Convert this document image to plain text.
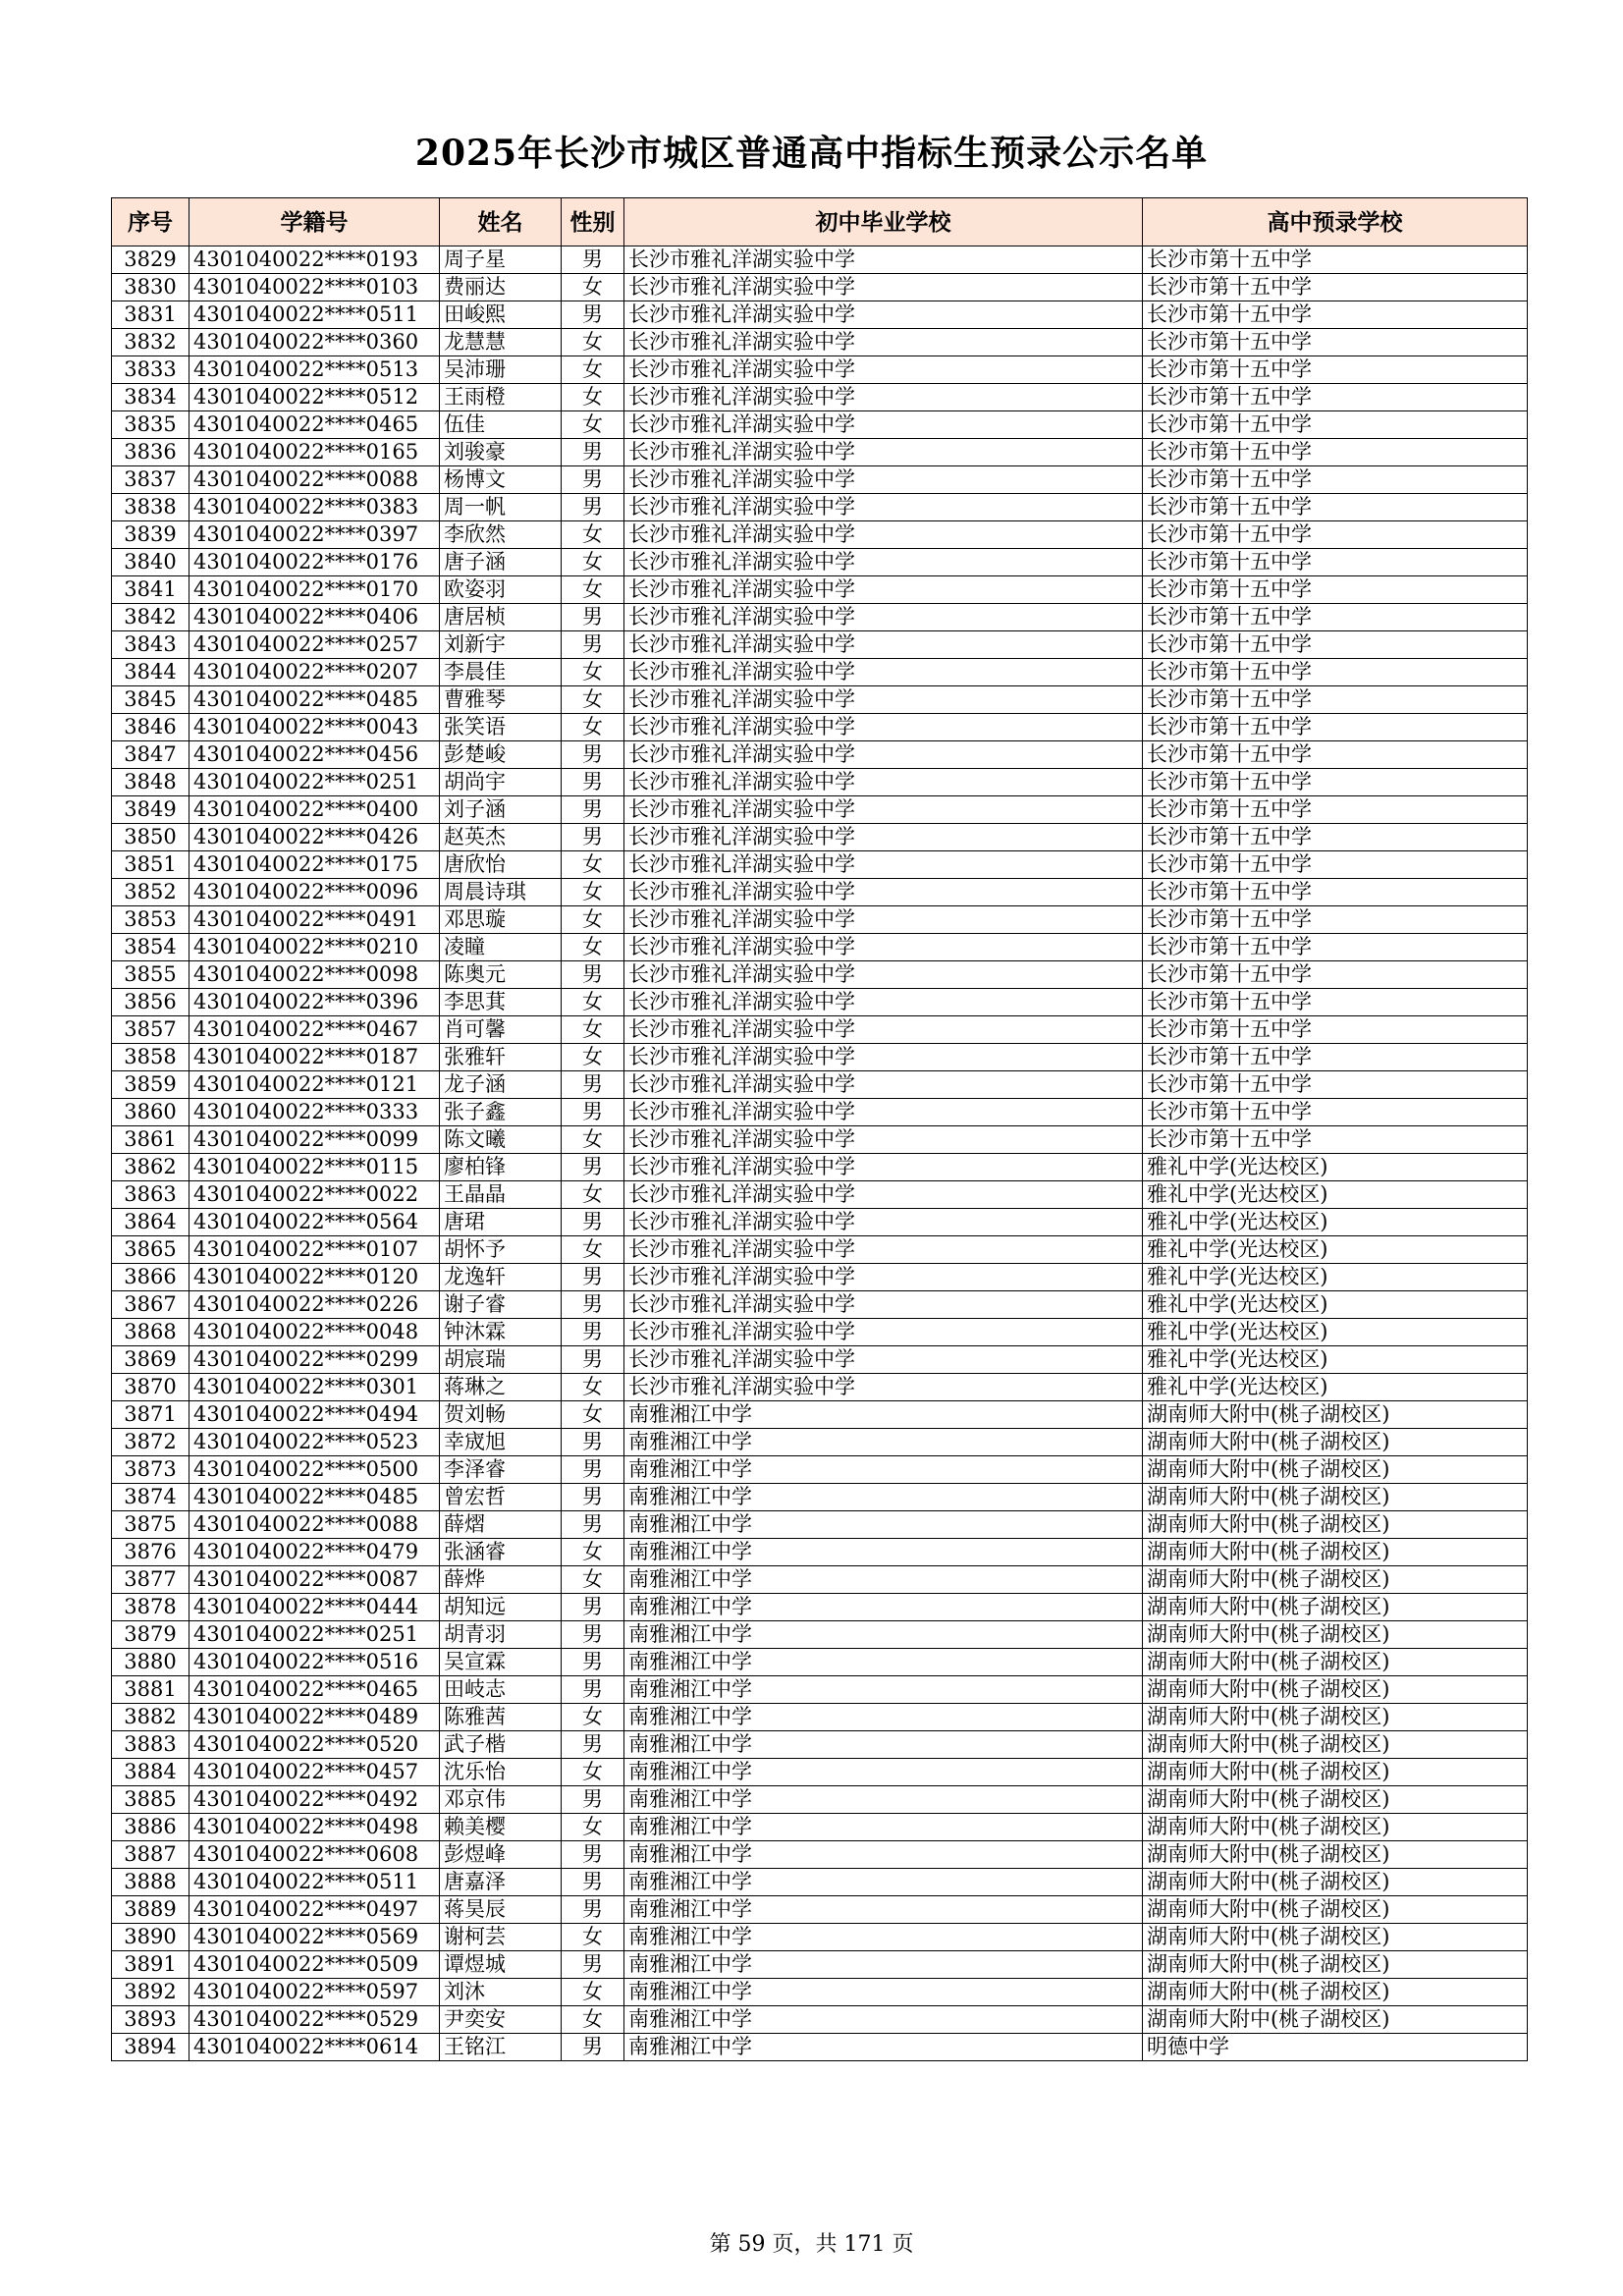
2025年长沙市城区普通高中指标生预录公示名单
序号	学籍号	姓名	性别	初中毕业学校	高中预录学校
3829	4301040022****0193	周子星	男	长沙市雅礼洋湖实验中学	长沙市第十五中学
3830	4301040022****0103	费丽达	女	长沙市雅礼洋湖实验中学	长沙市第十五中学
3831	4301040022****0511	田峻熙	男	长沙市雅礼洋湖实验中学	长沙市第十五中学
3832	4301040022****0360	龙慧慧	女	长沙市雅礼洋湖实验中学	长沙市第十五中学
3833	4301040022****0513	吴沛珊	女	长沙市雅礼洋湖实验中学	长沙市第十五中学
3834	4301040022****0512	王雨橙	女	长沙市雅礼洋湖实验中学	长沙市第十五中学
3835	4301040022****0465	伍佳	女	长沙市雅礼洋湖实验中学	长沙市第十五中学
3836	4301040022****0165	刘骏豪	男	长沙市雅礼洋湖实验中学	长沙市第十五中学
3837	4301040022****0088	杨博文	男	长沙市雅礼洋湖实验中学	长沙市第十五中学
3838	4301040022****0383	周一帆	男	长沙市雅礼洋湖实验中学	长沙市第十五中学
3839	4301040022****0397	李欣然	女	长沙市雅礼洋湖实验中学	长沙市第十五中学
3840	4301040022****0176	唐子涵	女	长沙市雅礼洋湖实验中学	长沙市第十五中学
3841	4301040022****0170	欧姿羽	女	长沙市雅礼洋湖实验中学	长沙市第十五中学
3842	4301040022****0406	唐居桢	男	长沙市雅礼洋湖实验中学	长沙市第十五中学
3843	4301040022****0257	刘新宇	男	长沙市雅礼洋湖实验中学	长沙市第十五中学
3844	4301040022****0207	李晨佳	女	长沙市雅礼洋湖实验中学	长沙市第十五中学
3845	4301040022****0485	曹雅琴	女	长沙市雅礼洋湖实验中学	长沙市第十五中学
3846	4301040022****0043	张笑语	女	长沙市雅礼洋湖实验中学	长沙市第十五中学
3847	4301040022****0456	彭楚峻	男	长沙市雅礼洋湖实验中学	长沙市第十五中学
3848	4301040022****0251	胡尚宇	男	长沙市雅礼洋湖实验中学	长沙市第十五中学
3849	4301040022****0400	刘子涵	男	长沙市雅礼洋湖实验中学	长沙市第十五中学
3850	4301040022****0426	赵英杰	男	长沙市雅礼洋湖实验中学	长沙市第十五中学
3851	4301040022****0175	唐欣怡	女	长沙市雅礼洋湖实验中学	长沙市第十五中学
3852	4301040022****0096	周晨诗琪	女	长沙市雅礼洋湖实验中学	长沙市第十五中学
3853	4301040022****0491	邓思璇	女	长沙市雅礼洋湖实验中学	长沙市第十五中学
3854	4301040022****0210	凌瞳	女	长沙市雅礼洋湖实验中学	长沙市第十五中学
3855	4301040022****0098	陈奥元	男	长沙市雅礼洋湖实验中学	长沙市第十五中学
3856	4301040022****0396	李思萁	女	长沙市雅礼洋湖实验中学	长沙市第十五中学
3857	4301040022****0467	肖可馨	女	长沙市雅礼洋湖实验中学	长沙市第十五中学
3858	4301040022****0187	张雅轩	女	长沙市雅礼洋湖实验中学	长沙市第十五中学
3859	4301040022****0121	龙子涵	男	长沙市雅礼洋湖实验中学	长沙市第十五中学
3860	4301040022****0333	张子鑫	男	长沙市雅礼洋湖实验中学	长沙市第十五中学
3861	4301040022****0099	陈文曦	女	长沙市雅礼洋湖实验中学	长沙市第十五中学
3862	4301040022****0115	廖柏锋	男	长沙市雅礼洋湖实验中学	雅礼中学(光达校区)
3863	4301040022****0022	王晶晶	女	长沙市雅礼洋湖实验中学	雅礼中学(光达校区)
3864	4301040022****0564	唐珺	男	长沙市雅礼洋湖实验中学	雅礼中学(光达校区)
3865	4301040022****0107	胡怀予	女	长沙市雅礼洋湖实验中学	雅礼中学(光达校区)
3866	4301040022****0120	龙逸轩	男	长沙市雅礼洋湖实验中学	雅礼中学(光达校区)
3867	4301040022****0226	谢子睿	男	长沙市雅礼洋湖实验中学	雅礼中学(光达校区)
3868	4301040022****0048	钟沐霖	男	长沙市雅礼洋湖实验中学	雅礼中学(光达校区)
3869	4301040022****0299	胡宸瑞	男	长沙市雅礼洋湖实验中学	雅礼中学(光达校区)
3870	4301040022****0301	蒋琳之	女	长沙市雅礼洋湖实验中学	雅礼中学(光达校区)
3871	4301040022****0494	贺刘畅	女	南雅湘江中学	湖南师大附中(桃子湖校区)
3872	4301040022****0523	幸宬旭	男	南雅湘江中学	湖南师大附中(桃子湖校区)
3873	4301040022****0500	李泽睿	男	南雅湘江中学	湖南师大附中(桃子湖校区)
3874	4301040022****0485	曾宏哲	男	南雅湘江中学	湖南师大附中(桃子湖校区)
3875	4301040022****0088	薛熠	男	南雅湘江中学	湖南师大附中(桃子湖校区)
3876	4301040022****0479	张涵睿	女	南雅湘江中学	湖南师大附中(桃子湖校区)
3877	4301040022****0087	薛烨	女	南雅湘江中学	湖南师大附中(桃子湖校区)
3878	4301040022****0444	胡知远	男	南雅湘江中学	湖南师大附中(桃子湖校区)
3879	4301040022****0251	胡青羽	男	南雅湘江中学	湖南师大附中(桃子湖校区)
3880	4301040022****0516	吴宣霖	男	南雅湘江中学	湖南师大附中(桃子湖校区)
3881	4301040022****0465	田岐志	男	南雅湘江中学	湖南师大附中(桃子湖校区)
3882	4301040022****0489	陈雅茜	女	南雅湘江中学	湖南师大附中(桃子湖校区)
3883	4301040022****0520	武子楷	男	南雅湘江中学	湖南师大附中(桃子湖校区)
3884	4301040022****0457	沈乐怡	女	南雅湘江中学	湖南师大附中(桃子湖校区)
3885	4301040022****0492	邓京伟	男	南雅湘江中学	湖南师大附中(桃子湖校区)
3886	4301040022****0498	赖美樱	女	南雅湘江中学	湖南师大附中(桃子湖校区)
3887	4301040022****0608	彭煜峰	男	南雅湘江中学	湖南师大附中(桃子湖校区)
3888	4301040022****0511	唐嘉泽	男	南雅湘江中学	湖南师大附中(桃子湖校区)
3889	4301040022****0497	蒋昊辰	男	南雅湘江中学	湖南师大附中(桃子湖校区)
3890	4301040022****0569	谢柯芸	女	南雅湘江中学	湖南师大附中(桃子湖校区)
3891	4301040022****0509	谭煜城	男	南雅湘江中学	湖南师大附中(桃子湖校区)
3892	4301040022****0597	刘沐	女	南雅湘江中学	湖南师大附中(桃子湖校区)
3893	4301040022****0529	尹奕安	女	南雅湘江中学	湖南师大附中(桃子湖校区)
3894	4301040022****0614	王铭江	男	南雅湘江中学	明德中学
第 59 页，共 171 页
